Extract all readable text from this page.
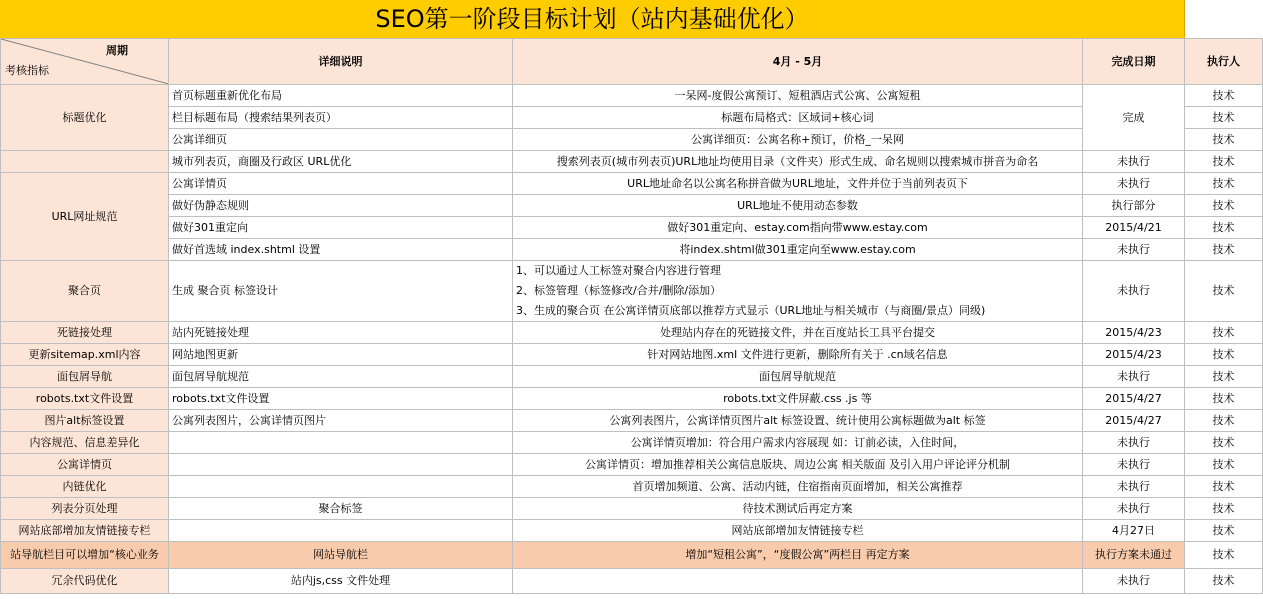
SEO第一阶段目标计划（站内基础优化）
周期
考核指标	详细说明	4月 - 5月	完成日期	执行人
标题优化	首页标题重新优化布局	一呆网-度假公寓预订、短租酒店式公寓、公寓短租	完成	技术
	栏目标题布局（搜索结果列表页）	标题布局格式：区域词+核心词		技术
	公寓详细页	公寓详细页：公寓名称+预订，价格_一呆网		技术
	城市列表页，商圈及行政区 URL优化	搜索列表页(城市列表页)URL地址均使用目录（文件夹）形式生成、命名规则以搜索城市拼音为命名	未执行	技术
URL网址规范	公寓详情页	URL地址命名以公寓名称拼音做为URL地址，文件并位于当前列表页下	未执行	技术
	做好伪静态规则	URL地址不使用动态参数	执行部分	技术
	做好301重定向	做好301重定向、estay.com指向带www.estay.com	2015/4/21	技术
	做好首选域 index.shtml 设置	将index.shtml做301重定向至www.estay.com	未执行	技术
聚合页	生成 聚合页 标签设计	1、可以通过人工标签对聚合内容进行管理
2、标签管理（标签修改/合并/删除/添加）
3、生成的聚合页 在公寓详情页底部以推荐方式显示（URL地址与相关城市（与商圈/景点）同级)	未执行	技术
死链接处理	站内死链接处理	处理站内存在的死链接文件，并在百度站长工具平台提交	2015/4/23	技术
更新sitemap.xml内容	网站地图更新	针对网站地图.xml 文件进行更新，删除所有关于 .cn域名信息	2015/4/23	技术
面包屑导航	面包屑导航规范	面包屑导航规范	未执行	技术
robots.txt文件设置	robots.txt文件设置	robots.txt文件屏蔽.css .js 等	2015/4/27	技术
图片alt标签设置	公寓列表图片，公寓详情页图片	公寓列表图片，公寓详情页图片alt 标签设置、统计使用公寓标题做为alt 标签	2015/4/27	技术
内容规范、信息差异化		公寓详情页增加：符合用户需求内容展现 如：订前必读，入住时间，	未执行	技术
公寓详情页		公寓详情页：增加推荐相关公寓信息版块、周边公寓 相关版面 及引入用户评论评分机制	未执行	技术
内链优化		首页增加频道、公寓、活动内链，住宿指南页面增加，相关公寓推荐	未执行	技术
列表分页处理	聚合标签	待技术测试后再定方案	未执行	技术
网站底部增加友情链接专栏		网站底部增加友情链接专栏	4月27日	技术
站导航栏目可以增加“核心业务	网站导航栏	增加“短租公寓”，“度假公寓”两栏目 再定方案	执行方案未通过	技术
冗余代码优化	站内js,css 文件处理		未执行	技术
